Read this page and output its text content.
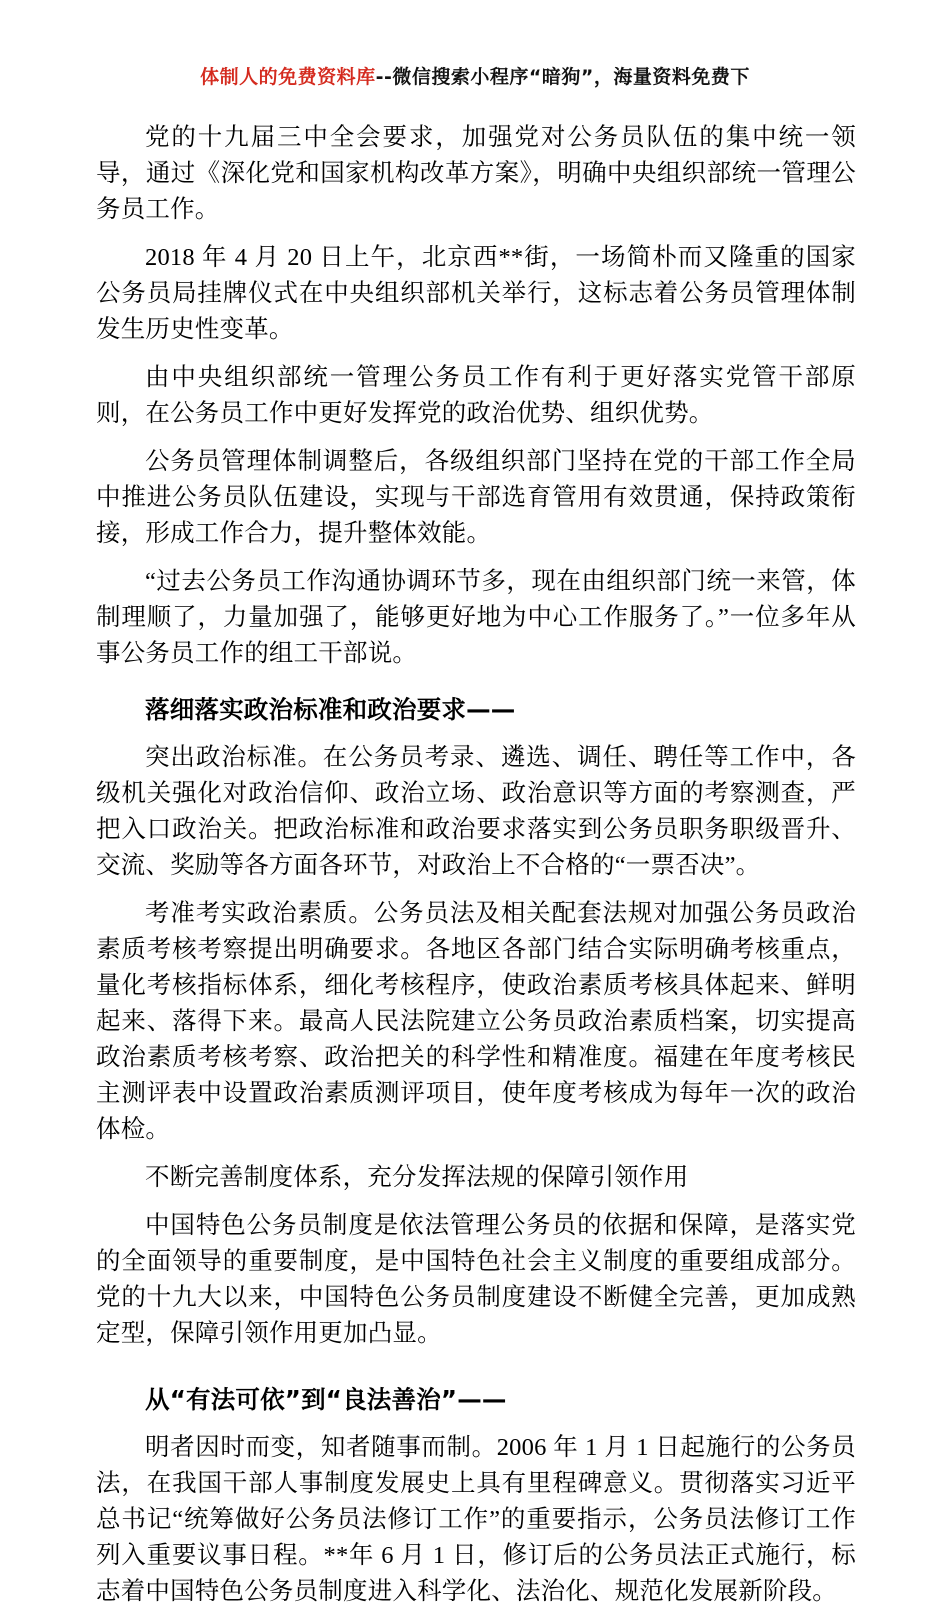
体制人的免费资料库--微信搜索小程序“暗狗”，海量资料免费下

党的十九届三中全会要求，加强党对公务员队伍的集中统一领导，通过《深化党和国家机构改革方案》，明确中央组织部统一管理公务员工作。

2018 年 4 月 20 日上午，北京西**街，一场简朴而又隆重的国家公务员局挂牌仪式在中央组织部机关举行，这标志着公务员管理体制发生历史性变革。

由中央组织部统一管理公务员工作有利于更好落实党管干部原则，在公务员工作中更好发挥党的政治优势、组织优势。

公务员管理体制调整后，各级组织部门坚持在党的干部工作全局中推进公务员队伍建设，实现与干部选育管用有效贯通，保持政策衔接，形成工作合力，提升整体效能。

“过去公务员工作沟通协调环节多，现在由组织部门统一来管，体制理顺了，力量加强了，能够更好地为中心工作服务了。”一位多年从事公务员工作的组工干部说。

落细落实政治标准和政治要求——

突出政治标准。在公务员考录、遴选、调任、聘任等工作中，各级机关强化对政治信仰、政治立场、政治意识等方面的考察测查，严把入口政治关。把政治标准和政治要求落实到公务员职务职级晋升、交流、奖励等各方面各环节，对政治上不合格的“一票否决”。

考准考实政治素质。公务员法及相关配套法规对加强公务员政治素质考核考察提出明确要求。各地区各部门结合实际明确考核重点，量化考核指标体系，细化考核程序，使政治素质考核具体起来、鲜明起来、落得下来。最高人民法院建立公务员政治素质档案，切实提高政治素质考核考察、政治把关的科学性和精准度。福建在年度考核民主测评表中设置政治素质测评项目，使年度考核成为每年一次的政治体检。

不断完善制度体系，充分发挥法规的保障引领作用

中国特色公务员制度是依法管理公务员的依据和保障，是落实党的全面领导的重要制度，是中国特色社会主义制度的重要组成部分。党的十九大以来，中国特色公务员制度建设不断健全完善，更加成熟定型，保障引领作用更加凸显。

从“有法可依”到“良法善治”——

明者因时而变，知者随事而制。2006 年 1 月 1 日起施行的公务员法，在我国干部人事制度发展史上具有里程碑意义。贯彻落实习近平总书记“统筹做好公务员法修订工作”的重要指示，公务员法修订工作列入重要议事日程。**年 6 月 1 日，修订后的公务员法正式施行，标志着中国特色公务员制度进入科学化、法治化、规范化发展新阶段。
